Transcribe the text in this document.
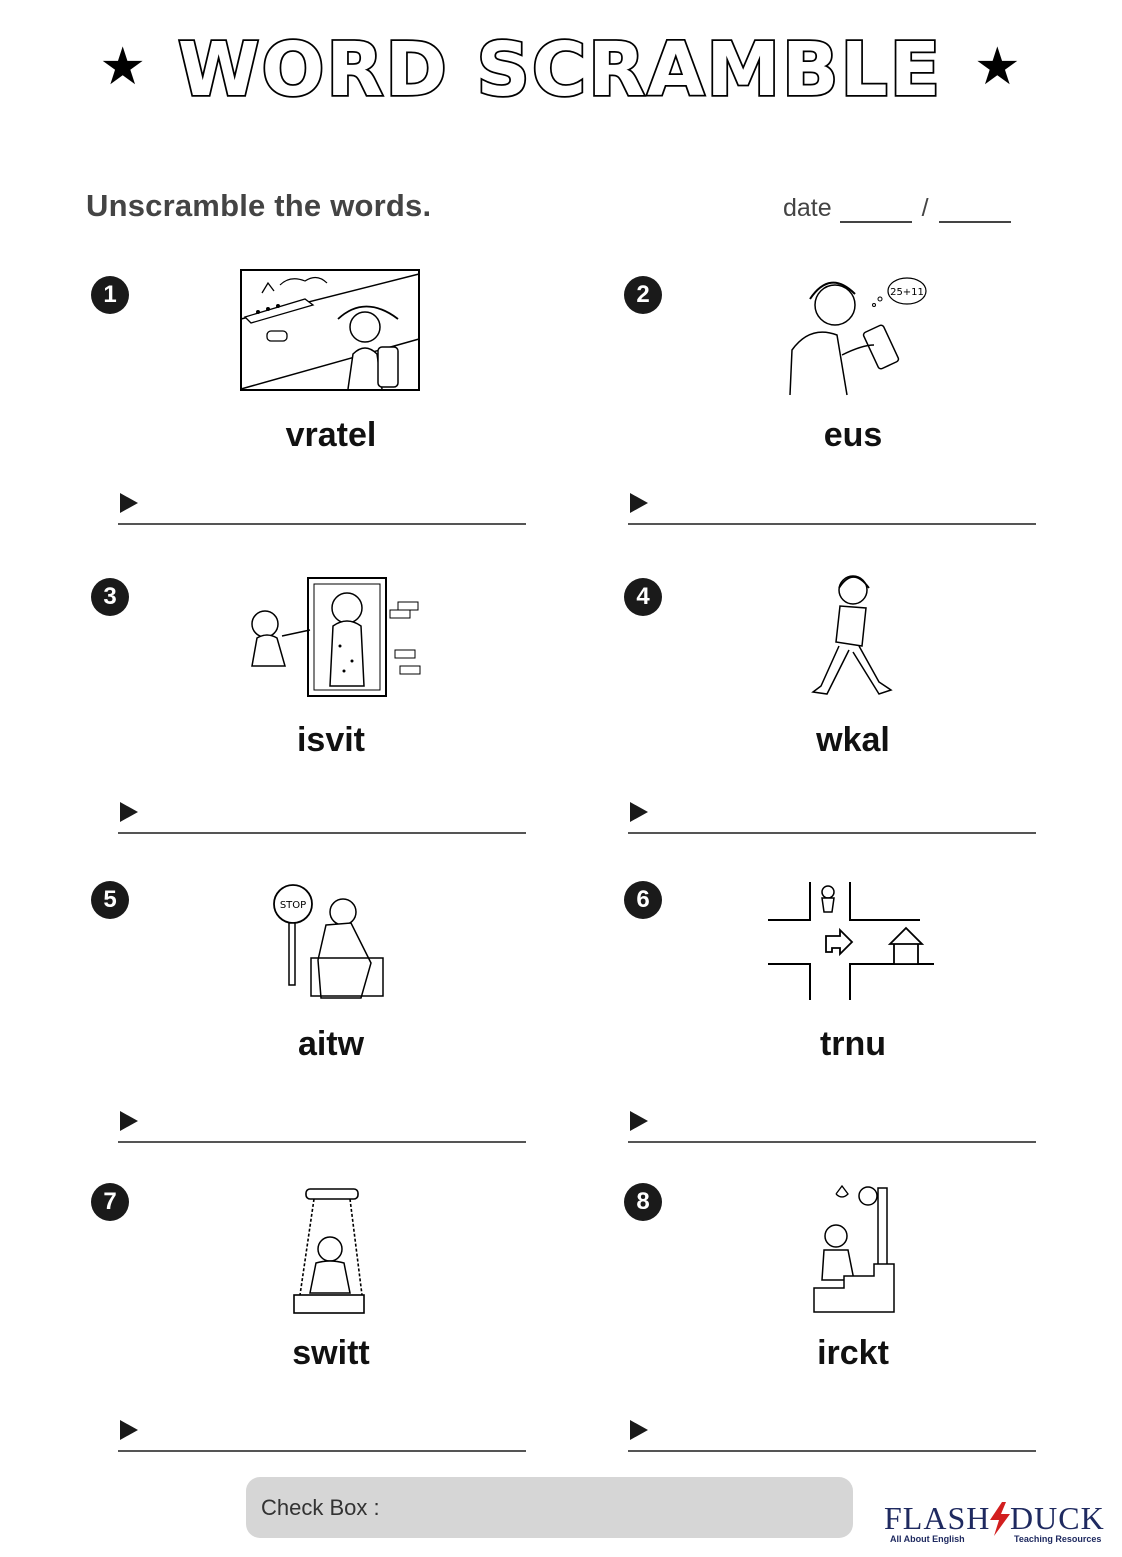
★ WORD SCRAMBLE ★
Unscramble the words.	date	/
1
vratel
2	25+11
eus
3
isvit
4
wkal
5	STOP
aitw
6
trnu
7
switt
8
irckt
Check Box :	FLASH DUCK
All About English	Teaching Resources
